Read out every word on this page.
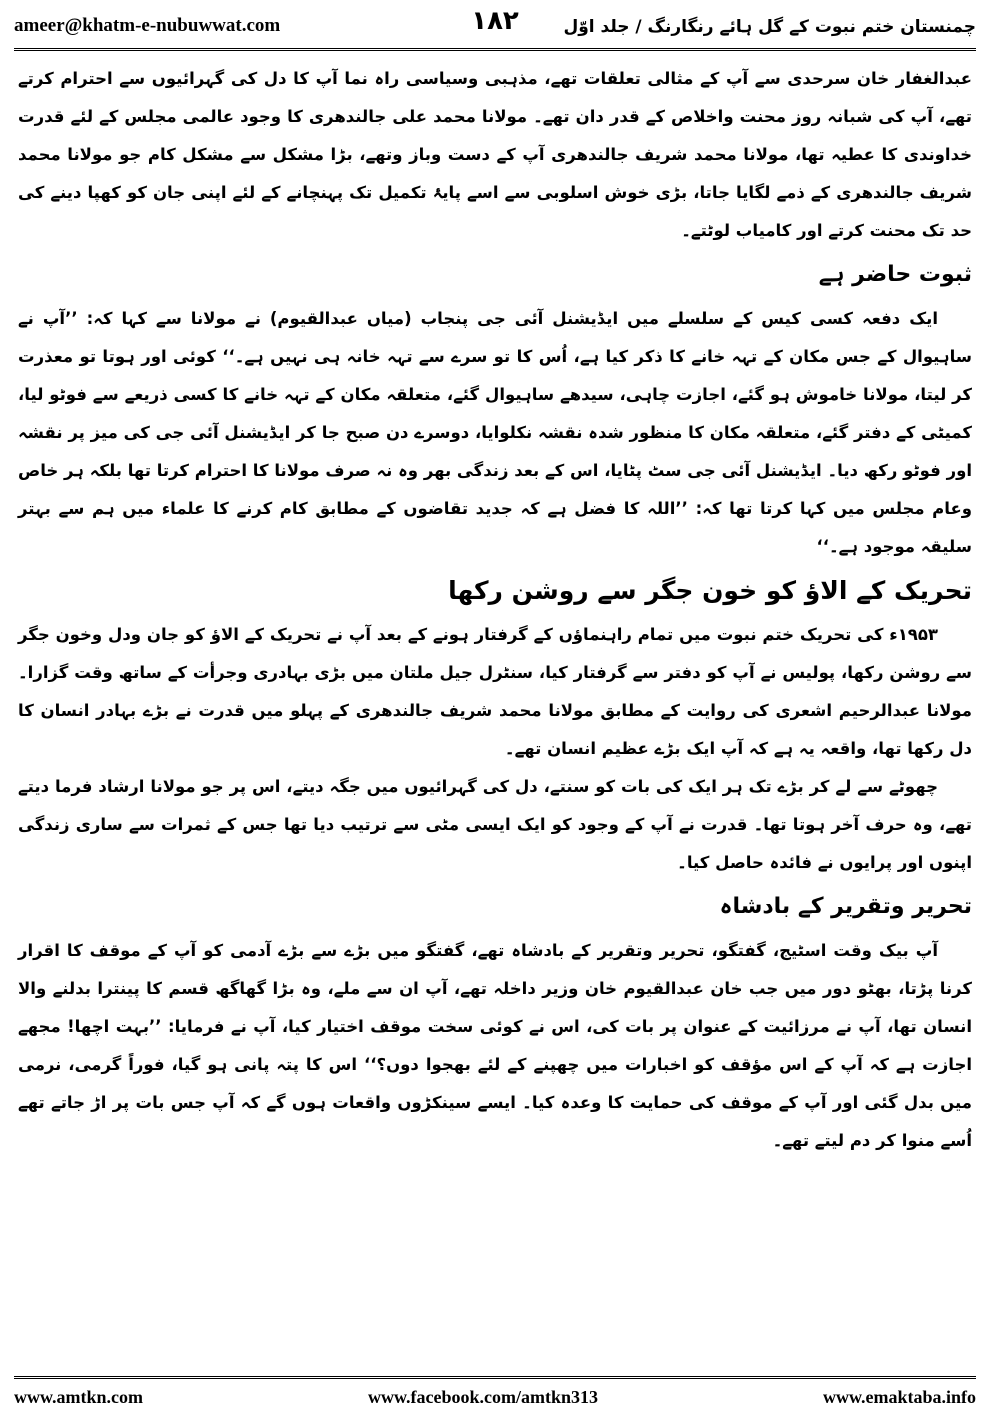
ameer@khatm-e-nubuwwat.com	۱۸۲	چمنستان ختم نبوت کے گل ہائے رنگارنگ / جلد اوّل

عبدالغفار خان سرحدی سے آپ کے مثالی تعلقات تھے، مذہبی وسیاسی راہ نما آپ کا دل کی گہرائیوں سے احترام کرتے تھے، آپ کی شبانہ روز محنت واخلاص کے قدر دان تھے۔ مولانا محمد علی جالندھری کا وجود عالمی مجلس کے لئے قدرت خداوندی کا عطیہ تھا، مولانا محمد شریف جالندھری آپ کے دست وباز وتھے، بڑا مشکل سے مشکل کام جو مولانا محمد شریف جالندھری کے ذمے لگایا جاتا، بڑی خوش اسلوبی سے اسے پایۂ تکمیل تک پہنچانے کے لئے اپنی جان کو کھپا دینے کی حد تک محنت کرتے اور کامیاب لوٹتے۔

ثبوت حاضر ہے

ایک دفعہ کسی کیس کے سلسلے میں ایڈیشنل آئی جی پنجاب (میاں عبدالقیوم) نے مولانا سے کہا کہ: ’’آپ نے ساہیوال کے جس مکان کے تہہ خانے کا ذکر کیا ہے، اُس کا تو سرے سے تہہ خانہ ہی نہیں ہے۔‘‘ کوئی اور ہوتا تو معذرت کر لیتا، مولانا خاموش ہو گئے، اجازت چاہی، سیدھے ساہیوال گئے، متعلقہ مکان کے تہہ خانے کا کسی ذریعے سے فوٹو لیا، کمیٹی کے دفتر گئے، متعلقہ مکان کا منظور شدہ نقشہ نکلوایا، دوسرے دن صبح جا کر ایڈیشنل آئی جی کی میز پر نقشہ اور فوٹو رکھ دیا۔ ایڈیشنل آئی جی سٹ پٹایا، اس کے بعد زندگی بھر وہ نہ صرف مولانا کا احترام کرتا تھا بلکہ ہر خاص وعام مجلس میں کہا کرتا تھا کہ: ’’اللہ کا فضل ہے کہ جدید تقاضوں کے مطابق کام کرنے کا علماء میں ہم سے بہتر سلیقہ موجود ہے۔‘‘

تحریک کے الاؤ کو خون جگر سے روشن رکھا

۱۹۵۳ء کی تحریک ختم نبوت میں تمام راہنماؤں کے گرفتار ہونے کے بعد آپ نے تحریک کے الاؤ کو جان ودل وخون جگر سے روشن رکھا، پولیس نے آپ کو دفتر سے گرفتار کیا، سنٹرل جیل ملتان میں بڑی بہادری وجرأت کے ساتھ وقت گزارا۔ مولانا عبدالرحیم اشعری کی روایت کے مطابق مولانا محمد شریف جالندھری کے پہلو میں قدرت نے بڑے بہادر انسان کا دل رکھا تھا، واقعہ یہ ہے کہ آپ ایک بڑے عظیم انسان تھے۔

چھوٹے سے لے کر بڑے تک ہر ایک کی بات کو سنتے، دل کی گہرائیوں میں جگہ دیتے، اس پر جو مولانا ارشاد فرما دیتے تھے، وہ حرف آخر ہوتا تھا۔ قدرت نے آپ کے وجود کو ایک ایسی مٹی سے ترتیب دیا تھا جس کے ثمرات سے ساری زندگی اپنوں اور پرایوں نے فائدہ حاصل کیا۔

تحریر وتقریر کے بادشاہ

آپ بیک وقت اسٹیج، گفتگو، تحریر وتقریر کے بادشاہ تھے، گفتگو میں بڑے سے بڑے آدمی کو آپ کے موقف کا اقرار کرنا پڑتا، بھٹو دور میں جب خان عبدالقیوم خان وزیر داخلہ تھے، آپ ان سے ملے، وہ بڑا گھاگھ قسم کا پینترا بدلنے والا انسان تھا، آپ نے مرزائیت کے عنوان پر بات کی، اس نے کوئی سخت موقف اختیار کیا، آپ نے فرمایا: ’’بہت اچھا! مجھے اجازت ہے کہ آپ کے اس مؤقف کو اخبارات میں چھپنے کے لئے بھجوا دوں؟‘‘ اس کا پتہ پانی ہو گیا، فوراً گرمی، نرمی میں بدل گئی اور آپ کے موقف کی حمایت کا وعدہ کیا۔ ایسے سینکڑوں واقعات ہوں گے کہ آپ جس بات پر اڑ جاتے تھے اُسے منوا کر دم لیتے تھے۔

www.amtkn.com	www.facebook.com/amtkn313	www.emaktaba.info
